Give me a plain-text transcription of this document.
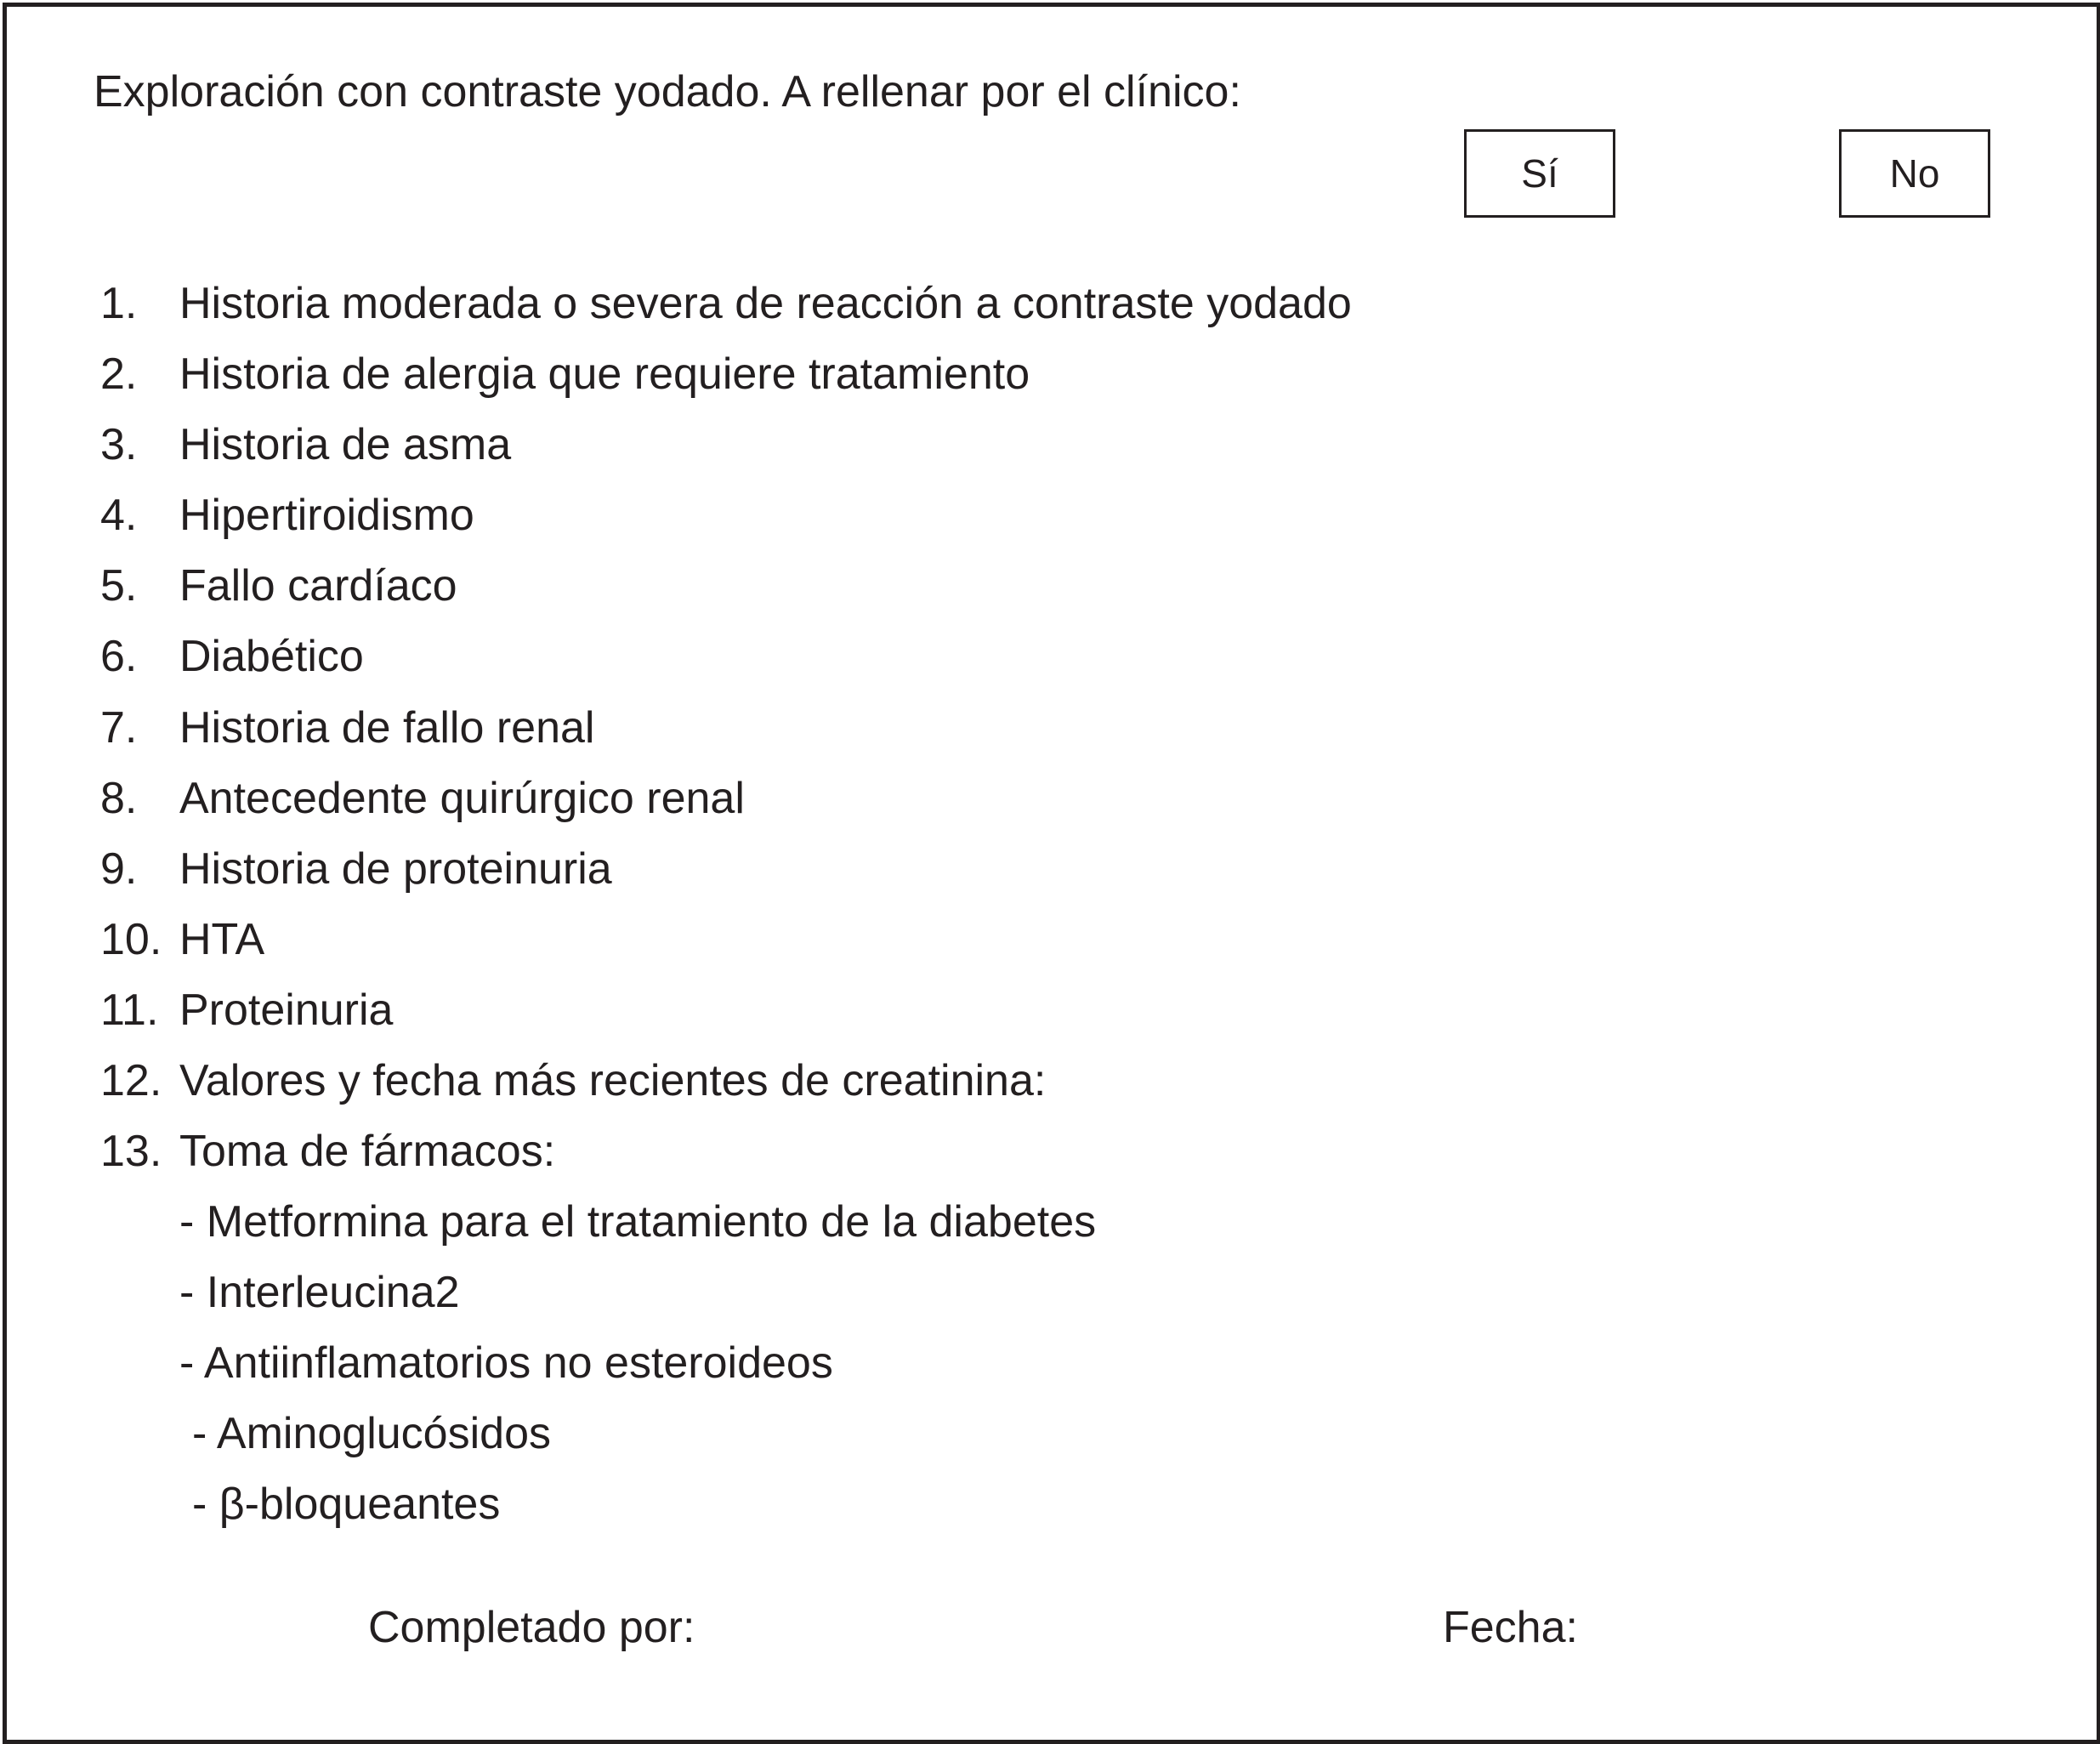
Exploración con contraste yodado. A rellenar por el clínico:
Sí	No
1. Historia moderada o severa de reacción a contraste yodado
2. Historia de alergia que requiere tratamiento
3. Historia de asma
4. Hipertiroidismo
5. Fallo cardíaco
6. Diabético
7. Historia de fallo renal
8. Antecedente quirúrgico renal
9. Historia de proteinuria
10. HTA
11. Proteinuria
12. Valores y fecha más recientes de creatinina:
13. Toma de fármacos:
- Metformina para el tratamiento de la diabetes
- Interleucina2
- Antiinflamatorios no esteroideos
- Aminoglucósidos
- β-bloqueantes
Completado por:	Fecha:
